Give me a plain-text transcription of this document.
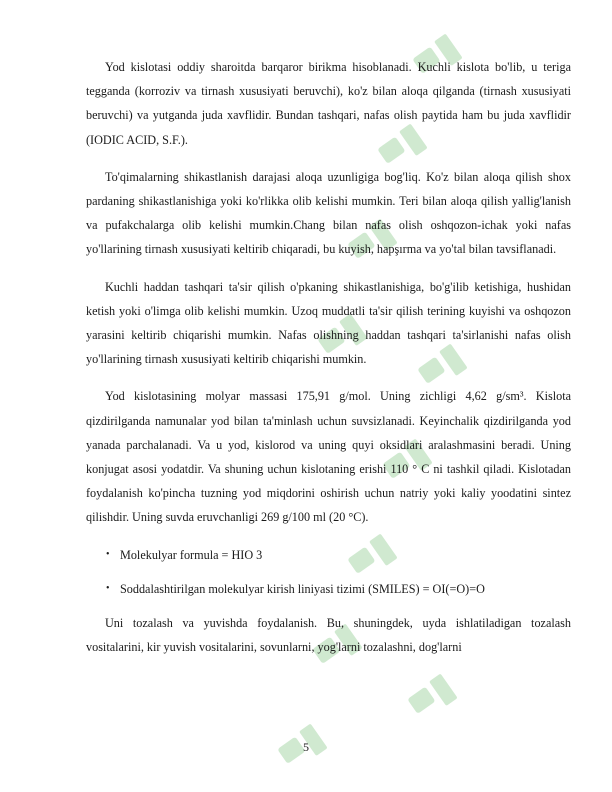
Yod kislotasi oddiy sharoitda barqaror birikma hisoblanadi. Kuchli kislota bo'lib, u teriga tegganda (korroziv va tirnash xususiyati beruvchi), ko'z bilan aloqa qilganda (tirnash xususiyati beruvchi) va yutganda juda xavflidir. Bundan tashqari, nafas olish paytida ham bu juda xavflidir (IODIC ACID, S.F.).

To'qimalarning shikastlanish darajasi aloqa uzunligiga bog'liq. Ko'z bilan aloqa qilish shox pardaning shikastlanishiga yoki ko'rlikka olib kelishi mumkin. Teri bilan aloqa qilish yallig'lanish va pufakchalarga olib kelishi mumkin.Chang bilan nafas olish oshqozon-ichak yoki nafas yo'llarining tirnash xususiyati keltirib chiqaradi, bu kuyish, hapşırma va yo'tal bilan tavsiflanadi.

Kuchli haddan tashqari ta'sir qilish o'pkaning shikastlanishiga, bo'g'ilib ketishiga, hushidan ketish yoki o'limga olib kelishi mumkin. Uzoq muddatli ta'sir qilish terining kuyishi va oshqozon yarasini keltirib chiqarishi mumkin. Nafas olishning haddan tashqari ta'sirlanishi nafas olish yo'llarining tirnash xususiyati keltirib chiqarishi mumkin.

Yod kislotasining molyar massasi 175,91 g/mol. Uning zichligi 4,62 g/sm³. Kislota qizdirilganda namunalar yod bilan ta'minlash uchun suvsizlanadi. Keyinchalik qizdirilganda yod yanada parchalanadi. Va u yod, kislorod va uning quyi oksidlari aralashmasini beradi. Uning konjugat asosi yodatdir. Va shuning uchun kislotaning erishi 110 ° C ni tashkil qiladi. Kislotadan foydalanish ko'pincha tuzning yod miqdorini oshirish uchun natriy yoki kaliy yoodatini sintez qilishdir. Uning suvda eruvchanligi 269 g/100 ml (20 °C).

• Molekulyar formula = HIO 3
• Soddalashtirilgan molekulyar kirish liniyasi tizimi (SMILES) = OI(=O)=O

Uni tozalash va yuvishda foydalanish. Bu, shuningdek, uyda ishlatiladigan tozalash vositalarini, kir yuvish vositalarini, sovunlarni, yog'larni tozalashni, dog'larni

5
